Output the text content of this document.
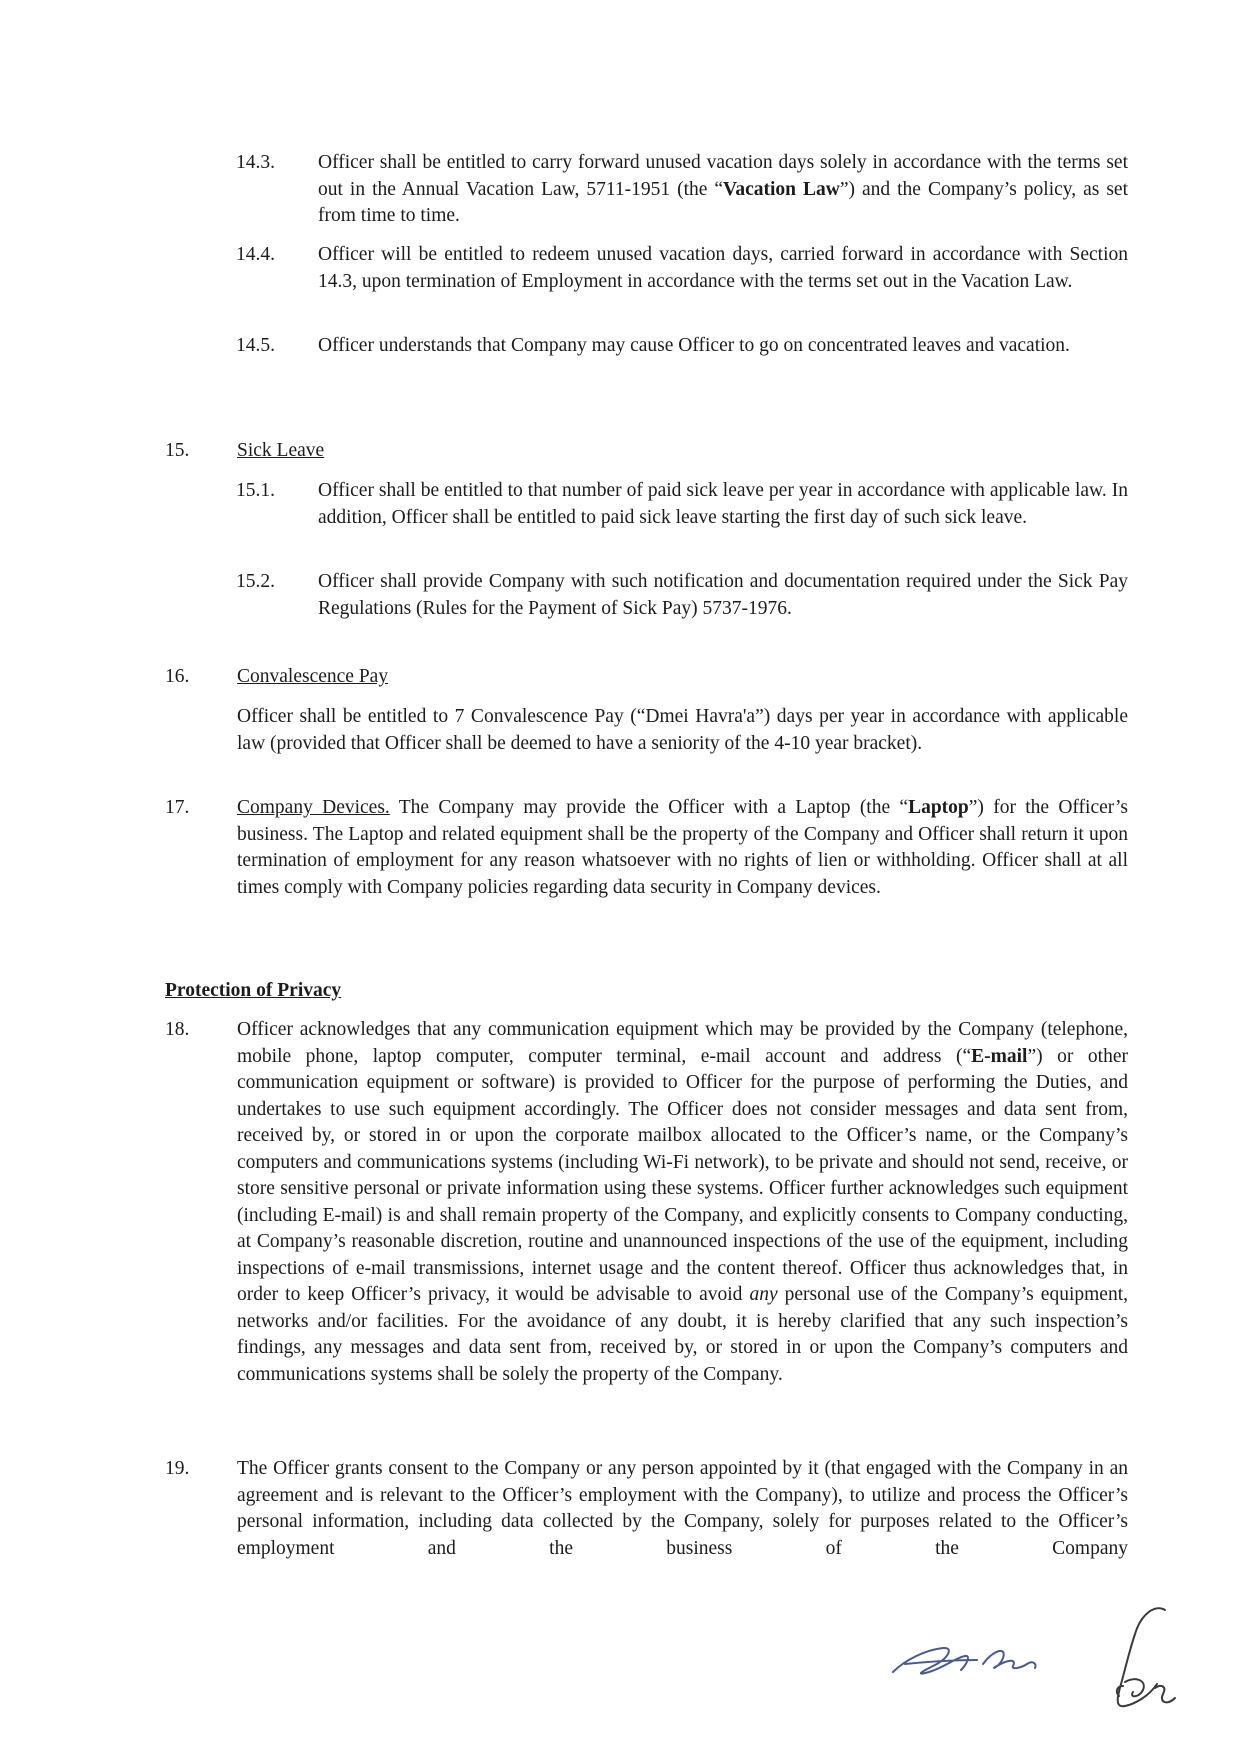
14.3. Officer shall be entitled to carry forward unused vacation days solely in accordance with the terms set out in the Annual Vacation Law, 5711-1951 (the “Vacation Law”) and the Company’s policy, as set from time to time.

14.4. Officer will be entitled to redeem unused vacation days, carried forward in accordance with Section 14.3, upon termination of Employment in accordance with the terms set out in the Vacation Law.

14.5. Officer understands that Company may cause Officer to go on concentrated leaves and vacation.

15. Sick Leave
15.1. Officer shall be entitled to that number of paid sick leave per year in accordance with applicable law. In addition, Officer shall be entitled to paid sick leave starting the first day of such sick leave.

15.2. Officer shall provide Company with such notification and documentation required under the Sick Pay Regulations (Rules for the Payment of Sick Pay) 5737-1976.

16. Convalescence Pay

Officer shall be entitled to 7 Convalescence Pay (“Dmei Havra'a”) days per year in accordance with applicable law (provided that Officer shall be deemed to have a seniority of the 4-10 year bracket).

17. Company Devices. The Company may provide the Officer with a Laptop (the “Laptop”) for the Officer’s business. The Laptop and related equipment shall be the property of the Company and Officer shall return it upon termination of employment for any reason whatsoever with no rights of lien or withholding. Officer shall at all times comply with Company policies regarding data security in Company devices.

Protection of Privacy
18. Officer acknowledges that any communication equipment which may be provided by the Company (telephone, mobile phone, laptop computer, computer terminal, e-mail account and address (“E-mail”) or other communication equipment or software) is provided to Officer for the purpose of performing the Duties, and undertakes to use such equipment accordingly. The Officer does not consider messages and data sent from, received by, or stored in or upon the corporate mailbox allocated to the Officer’s name, or the Company’s computers and communications systems (including Wi-Fi network), to be private and should not send, receive, or store sensitive personal or private information using these systems. Officer further acknowledges such equipment (including E-mail) is and shall remain property of the Company, and explicitly consents to Company conducting, at Company’s reasonable discretion, routine and unannounced inspections of the use of the equipment, including inspections of e-mail transmissions, internet usage and the content thereof. Officer thus acknowledges that, in order to keep Officer’s privacy, it would be advisable to avoid any personal use of the Company’s equipment, networks and/or facilities. For the avoidance of any doubt, it is hereby clarified that any such inspection’s findings, any messages and data sent from, received by, or stored in or upon the Company’s computers and communications systems shall be solely the property of the Company.

19. The Officer grants consent to the Company or any person appointed by it (that engaged with the Company in an agreement and is relevant to the Officer’s employment with the Company), to utilize and process the Officer’s personal information, including data collected by the Company, solely for purposes related to the Officer’s employment and the business of the Company
